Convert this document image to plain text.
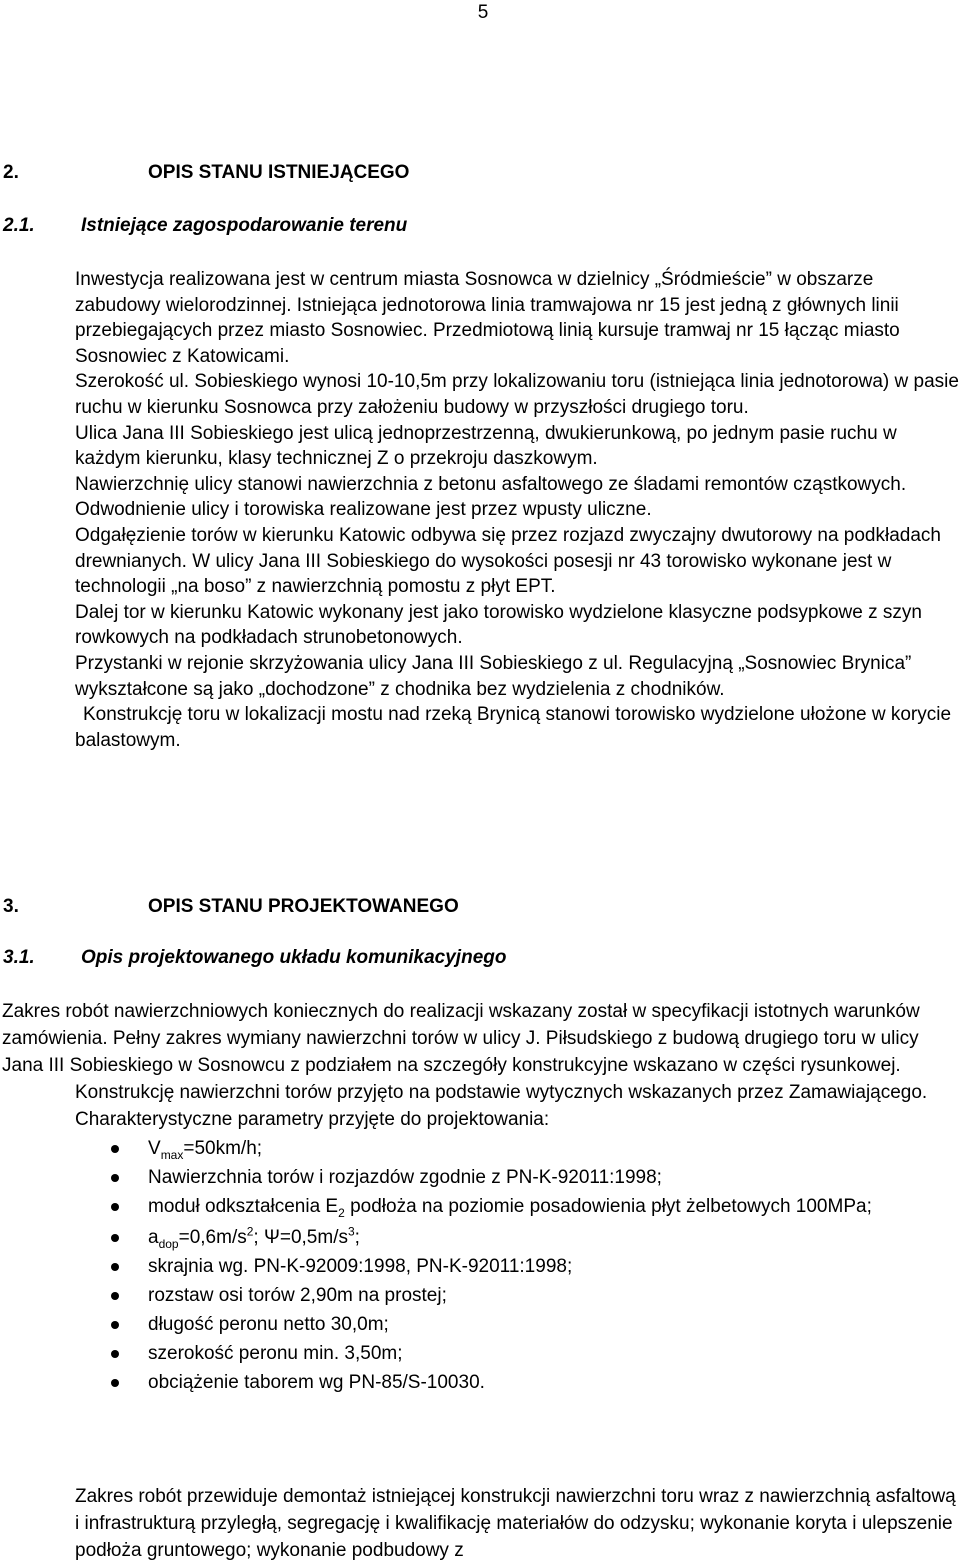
5
2.	OPIS STANU ISTNIEJĄCEGO
2.1. Istniejące zagospodarowanie terenu

Inwestycja realizowana jest w centrum miasta Sosnowca w dzielnicy „Śródmieście” w obszarze zabudowy wielorodzinnej. Istniejąca jednotorowa linia tramwajowa nr 15 jest jedną z głównych linii przebiegających przez miasto Sosnowiec. Przedmiotową linią kursuje tramwaj nr 15 łącząc miasto Sosnowiec z Katowicami.

Szerokość ul. Sobieskiego wynosi 10-10,5m przy lokalizowaniu toru (istniejąca linia jednotorowa) w pasie ruchu w kierunku Sosnowca przy założeniu budowy w przyszłości drugiego toru.

Ulica Jana III Sobieskiego jest ulicą jednoprzestrzenną, dwukierunkową, po jednym pasie ruchu w każdym kierunku, klasy technicznej Z o przekroju daszkowym.

Nawierzchnię ulicy stanowi nawierzchnia z betonu asfaltowego ze śladami remontów cząstkowych.

Odwodnienie ulicy i torowiska realizowane jest przez wpusty uliczne.

Odgałęzienie torów w kierunku Katowic odbywa się przez rozjazd zwyczajny dwutorowy na podkładach drewnianych. W ulicy Jana III Sobieskiego do wysokości posesji nr 43 torowisko wykonane jest w technologii „na boso” z nawierzchnią pomostu z płyt EPT.

Dalej tor w kierunku Katowic wykonany jest jako torowisko wydzielone klasyczne podsypkowe z szyn rowkowych na podkładach strunobetonowych.

Przystanki w rejonie skrzyżowania ulicy Jana III Sobieskiego z ul. Regulacyjną „Sosnowiec Brynica” wykształcone są jako „dochodzone” z chodnika bez wydzielenia z chodników.

Konstrukcję toru w lokalizacji mostu nad rzeką Brynicą stanowi torowisko wydzielone ułożone w korycie balastowym.

3.	OPIS STANU PROJEKTOWANEGO
3.1. Opis projektowanego układu komunikacyjnego

Zakres robót nawierzchniowych koniecznych do realizacji wskazany został w specyfikacji istotnych warunków zamówienia. Pełny zakres wymiany nawierzchni torów w ulicy J. Piłsudskiego z budową drugiego toru w ulicy Jana III Sobieskiego w Sosnowcu z podziałem na szczegóły konstrukcyjne wskazano w części rysunkowej.

Konstrukcję nawierzchni torów przyjęto na podstawie wytycznych wskazanych przez Zamawiającego.

Charakterystyczne parametry przyjęte do projektowania:

$V_{max}=50km/h$;
Nawierzchnia torów i rozjazdów zgodnie z PN-K-92011:1998;
moduł odkształcenia $E_2$ podłoża na poziomie posadowienia płyt żelbetowych 100MPa;
$a_{dop}=0,6m/s^2$; $\Psi=0,5m/s^3$;
skrajnia wg. PN-K-92009:1998, PN-K-92011:1998;
rozstaw osi torów 2,90m na prostej;
długość peronu netto 30,0m;
szerokość peronu min. 3,50m;
obciążenie taborem wg PN-85/S-10030.

Zakres robót przewiduje demontaż istniejącej konstrukcji nawierzchni toru wraz z nawierzchnią asfaltową i infrastrukturą przyległą, segregację i kwalifikację materiałów do odzysku; wykonanie koryta i ulepszenie podłoża gruntowego; wykonanie podbudowy z
